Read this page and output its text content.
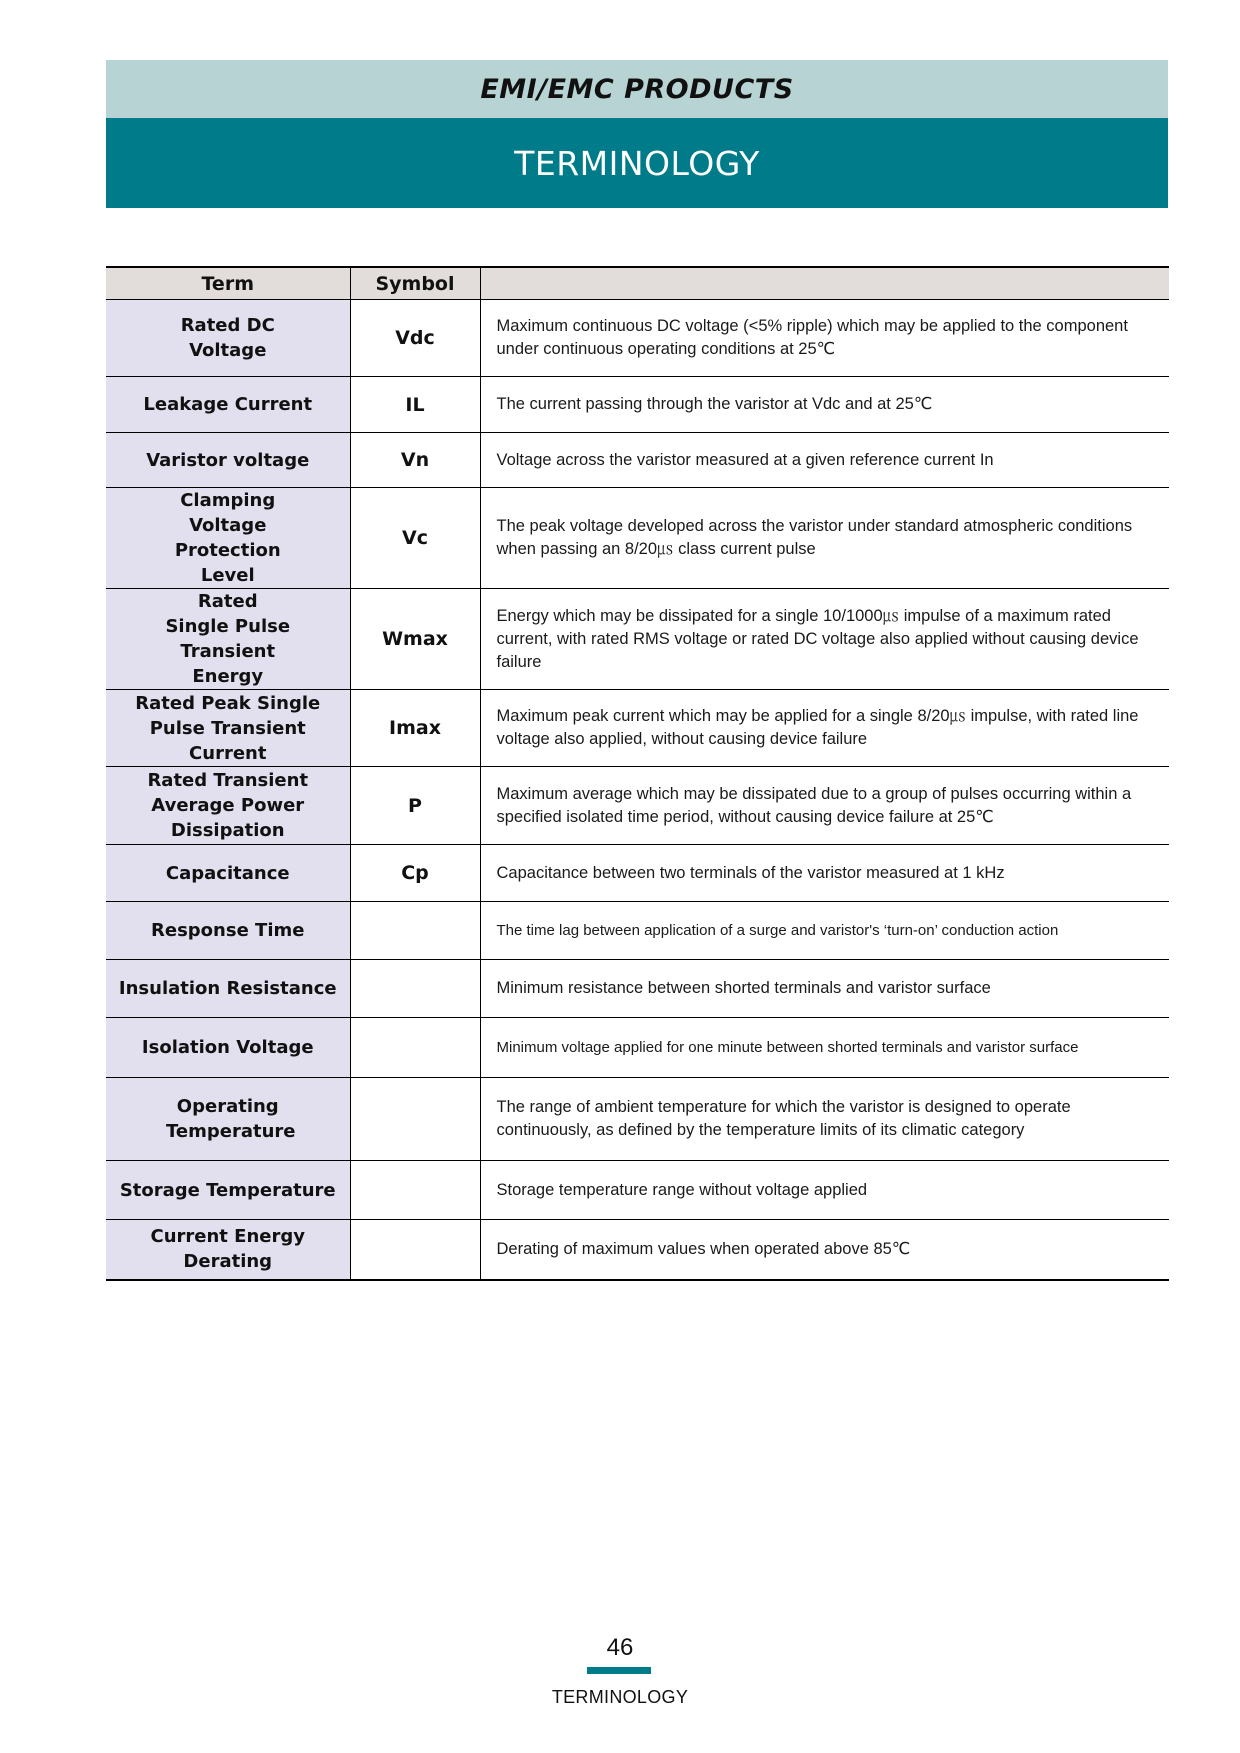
EMI/EMC PRODUCTS
TERMINOLOGY
Term	Symbol	
Rated DC Voltage	Vdc	Maximum continuous DC voltage (<5% ripple) which may be applied to the component under continuous operating conditions at 25℃
Leakage Current	IL	The current passing through the varistor at Vdc and at 25℃
Varistor voltage	Vn	Voltage across the varistor measured at a given reference current In
Clamping Voltage Protection Level	Vc	The peak voltage developed across the varistor under standard atmospheric conditions when passing an 8/20㎲ class current pulse
Rated Single Pulse Transient Energy	Wmax	Energy which may be dissipated for a single 10/1000㎲ impulse of a maximum rated current, with rated RMS voltage or rated DC voltage also applied without causing device failure
Rated Peak Single Pulse Transient Current	Imax	Maximum peak current which may be applied for a single 8/20㎲ impulse, with rated line voltage also applied, without causing device failure
Rated Transient Average Power Dissipation	P	Maximum average which may be dissipated due to a group of pulses occurring within a specified isolated time period, without causing device failure at 25℃
Capacitance	Cp	Capacitance between two terminals of the varistor measured at 1 kHz
Response Time		The time lag between application of a surge and varistor's ‘turn-on’ conduction action
Insulation Resistance		Minimum resistance between shorted terminals and varistor surface
Isolation Voltage		Minimum voltage applied for one minute between shorted terminals and varistor surface
Operating Temperature		The range of ambient temperature for which the varistor is designed to operate continuously, as defined by the temperature limits of its climatic category
Storage Temperature		Storage temperature range without voltage applied
Current Energy Derating		Derating of maximum values when operated above 85℃
46
TERMINOLOGY
